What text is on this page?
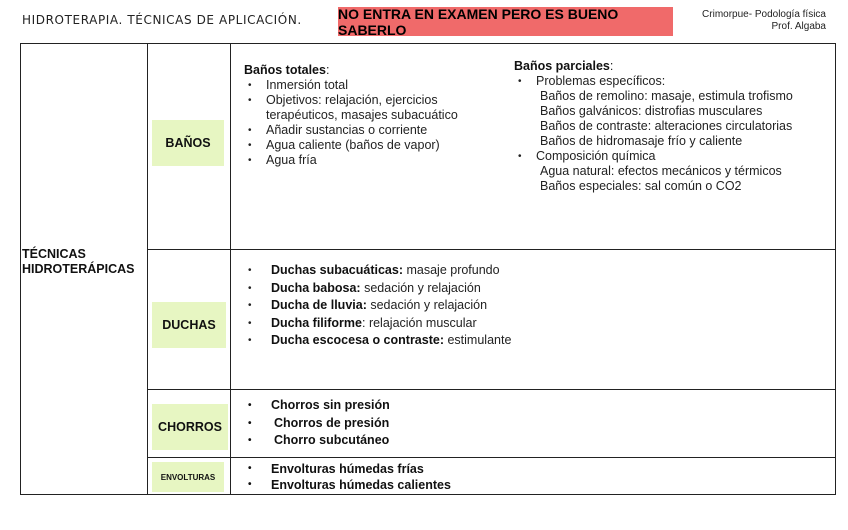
HIDROTERAPIA. TÉCNICAS DE APLICACIÓN.	NO ENTRA EN EXAMEN PERO ES BUENO SABERLO
Crimorpue- Podología física
Prof. Algaba
TÉCNICAS
HIDROTERÁPICAS
BAÑOS
DUCHAS
CHORROS
ENVOLTURAS
Baños totales:
• Inmersión total
• Objetivos: relajación, ejercicios terapéuticos, masajes subacuático
• Añadir sustancias o corriente
• Agua caliente (baños de vapor)
• Agua fría
Baños parciales:
• Problemas específicos:
Baños de remolino: masaje, estimula trofismo
Baños galvánicos: distrofias musculares
Baños de contraste: alteraciones circulatorias
Baños de hidromasaje frío y caliente
• Composición química
Agua natural: efectos mecánicos y térmicos
Baños especiales: sal común o CO2
• Duchas subacuáticas: masaje profundo
• Ducha babosa: sedación y relajación
• Ducha de lluvia: sedación y relajación
• Ducha filiforme: relajación muscular
• Ducha escocesa o contraste: estimulante
• Chorros sin presión
• Chorros de presión
• Chorro subcutáneo
• Envolturas húmedas frías
• Envolturas húmedas calientes
